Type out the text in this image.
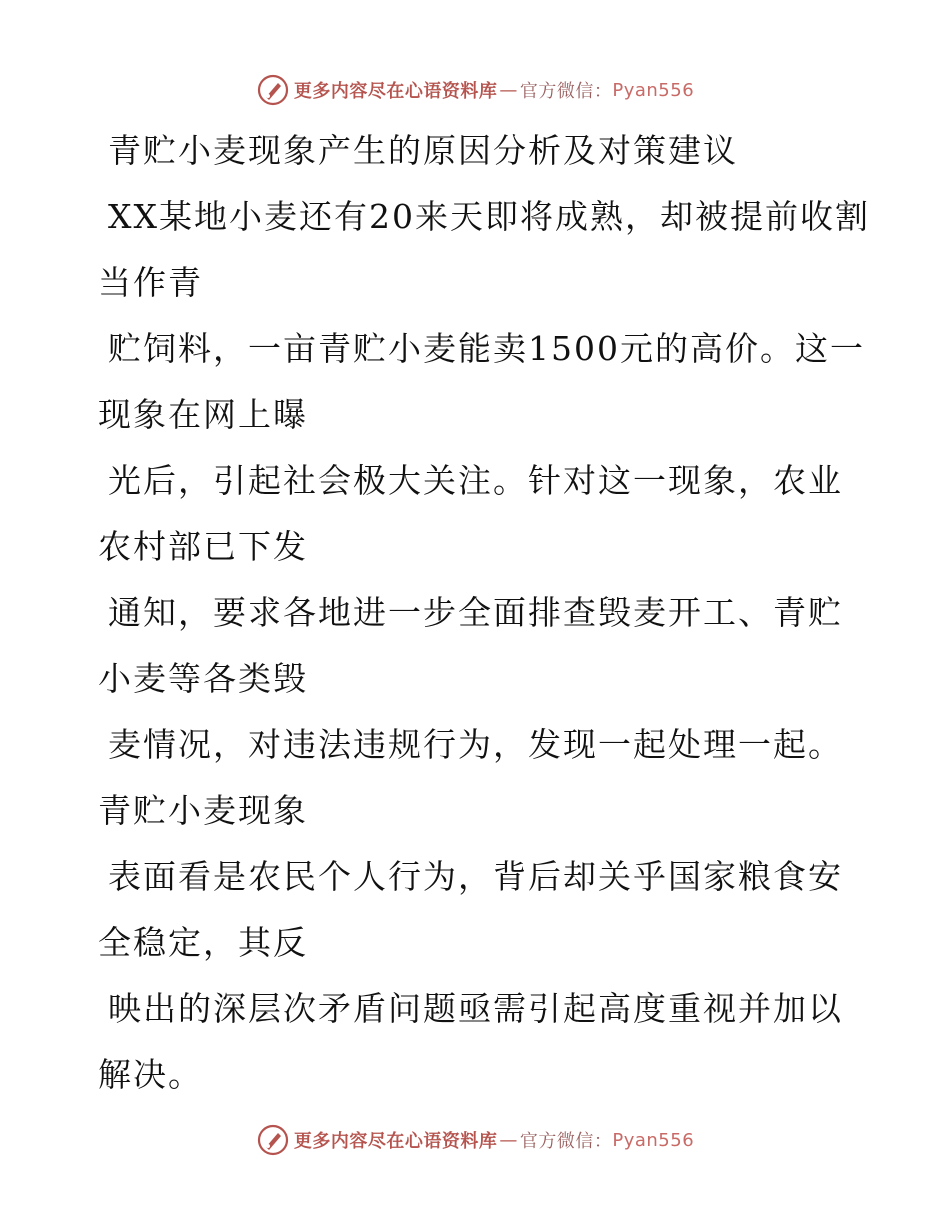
更多内容尽在心语资料库 — 官方微信： Pyan556
青贮小麦现象产生的原因分析及对策建议
XX某地小麦还有20来天即将成熟，却被提前收割
当作青
贮饲料，一亩青贮小麦能卖1500元的高价。这一
现象在网上曝
光后，引起社会极大关注。针对这一现象，农业
农村部已下发
通知，要求各地进一步全面排查毁麦开工、青贮
小麦等各类毁
麦情况，对违法违规行为，发现一起处理一起。
青贮小麦现象
表面看是农民个人行为，背后却关乎国家粮食安
全稳定，其反
映出的深层次矛盾问题亟需引起高度重视并加以
解决。
更多内容尽在心语资料库 — 官方微信： Pyan556
